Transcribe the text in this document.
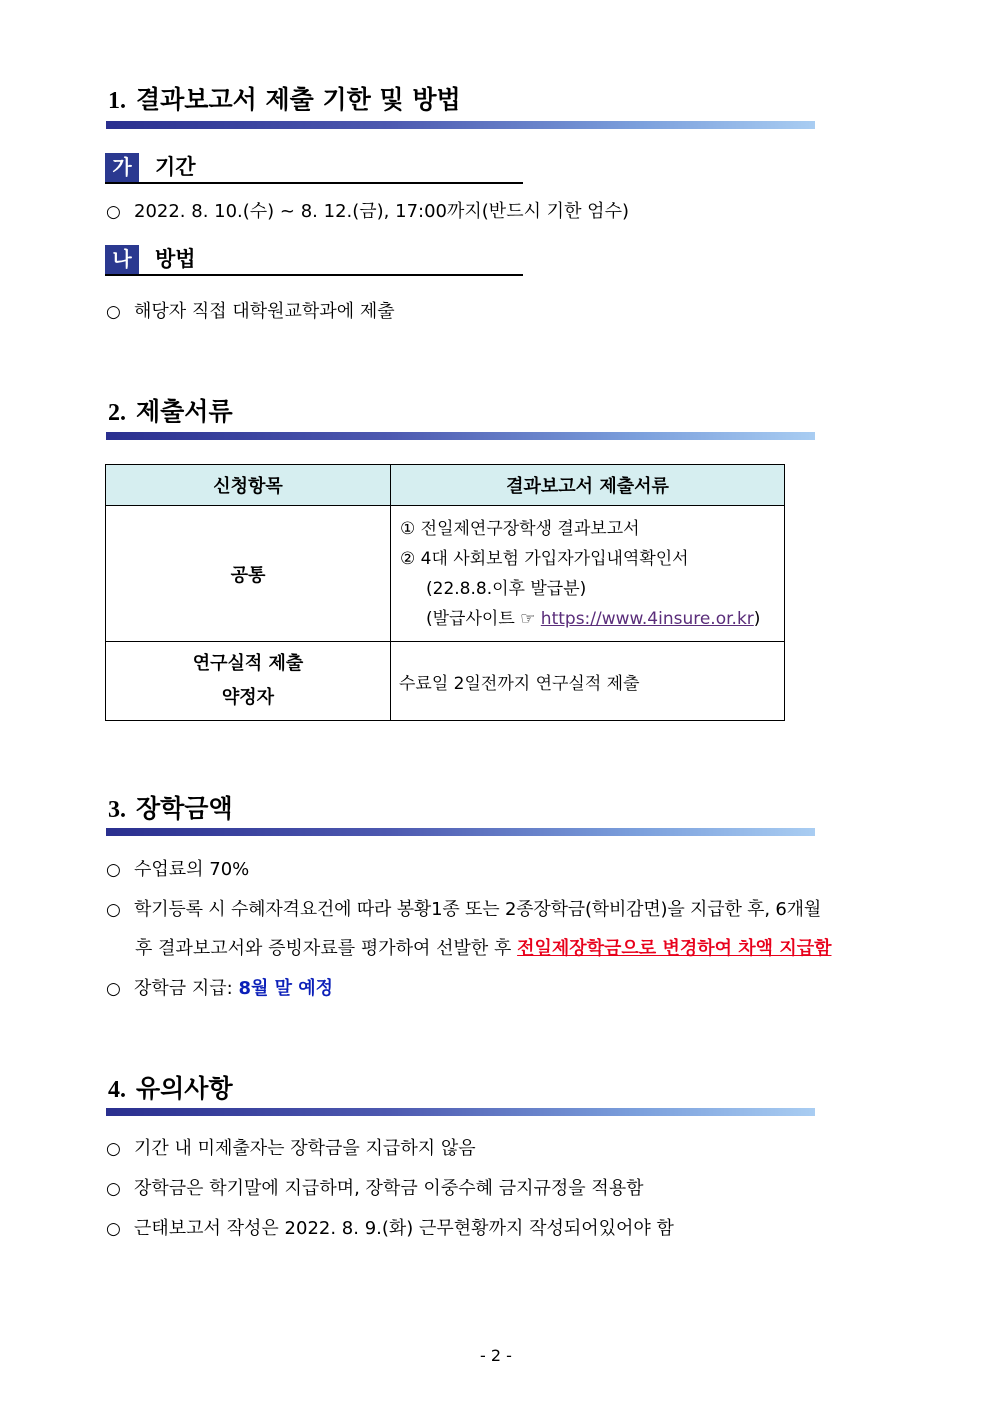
1. 결과보고서 제출 기한 및 방법
가	기간
○ 2022. 8. 10.(수) ~ 8. 12.(금), 17:00까지(반드시 기한 엄수)
나	방법
○ 해당자 직접 대학원교학과에 제출
2. 제출서류
신청항목	결과보고서 제출서류
공통	① 전일제연구장학생 결과보고서
② 4대 사회보험 가입자가입내역확인서
(22.8.8.이후 발급분)
(발급사이트 ☞ https://www.4insure.or.kr)

연구실적 제출
약정자	수료일 2일전까지 연구실적 제출
3. 장학금액
○ 수업료의 70%
○ 학기등록 시 수혜자격요건에 따라 봉황1종 또는 2종장학금(학비감면)을 지급한 후, 6개월
후 결과보고서와 증빙자료를 평가하여 선발한 후 전일제장학금으로 변경하여 차액 지급함
○ 장학금 지급: 8월 말 예정
4. 유의사항
○ 기간 내 미제출자는 장학금을 지급하지 않음
○ 장학금은 학기말에 지급하며, 장학금 이중수혜 금지규정을 적용함
○ 근태보고서 작성은 2022. 8. 9.(화) 근무현황까지 작성되어있어야 함
- 2 -
